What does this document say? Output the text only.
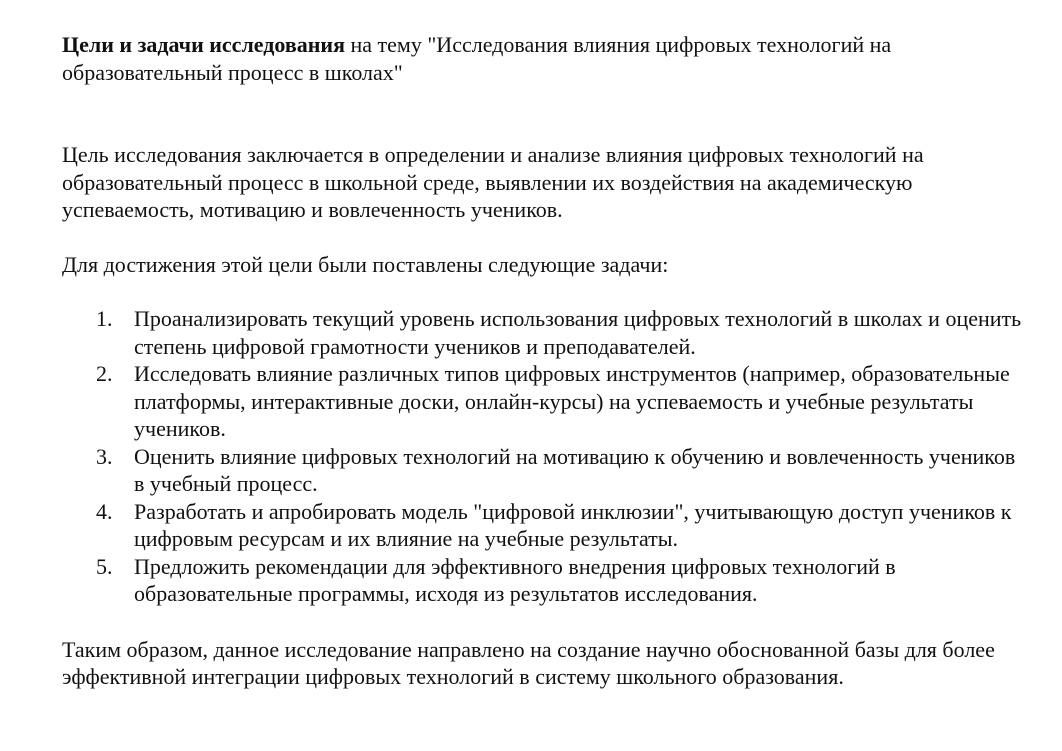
Цели и задачи исследования на тему "Исследования влияния цифровых технологий на образовательный процесс в школах"

Цель исследования заключается в определении и анализе влияния цифровых технологий на образовательный процесс в школьной среде, выявлении их воздействия на академическую успеваемость, мотивацию и вовлеченность учеников.

Для достижения этой цели были поставлены следующие задачи:

1. Проанализировать текущий уровень использования цифровых технологий в школах и оценить степень цифровой грамотности учеников и преподавателей.
2. Исследовать влияние различных типов цифровых инструментов (например, образовательные платформы, интерактивные доски, онлайн-курсы) на успеваемость и учебные результаты учеников.
3. Оценить влияние цифровых технологий на мотивацию к обучению и вовлеченность учеников в учебный процесс.
4. Разработать и апробировать модель "цифровой инклюзии", учитывающую доступ учеников к цифровым ресурсам и их влияние на учебные результаты.
5. Предложить рекомендации для эффективного внедрения цифровых технологий в образовательные программы, исходя из результатов исследования.

Таким образом, данное исследование направлено на создание научно обоснованной базы для более эффективной интеграции цифровых технологий в систему школьного образования.
